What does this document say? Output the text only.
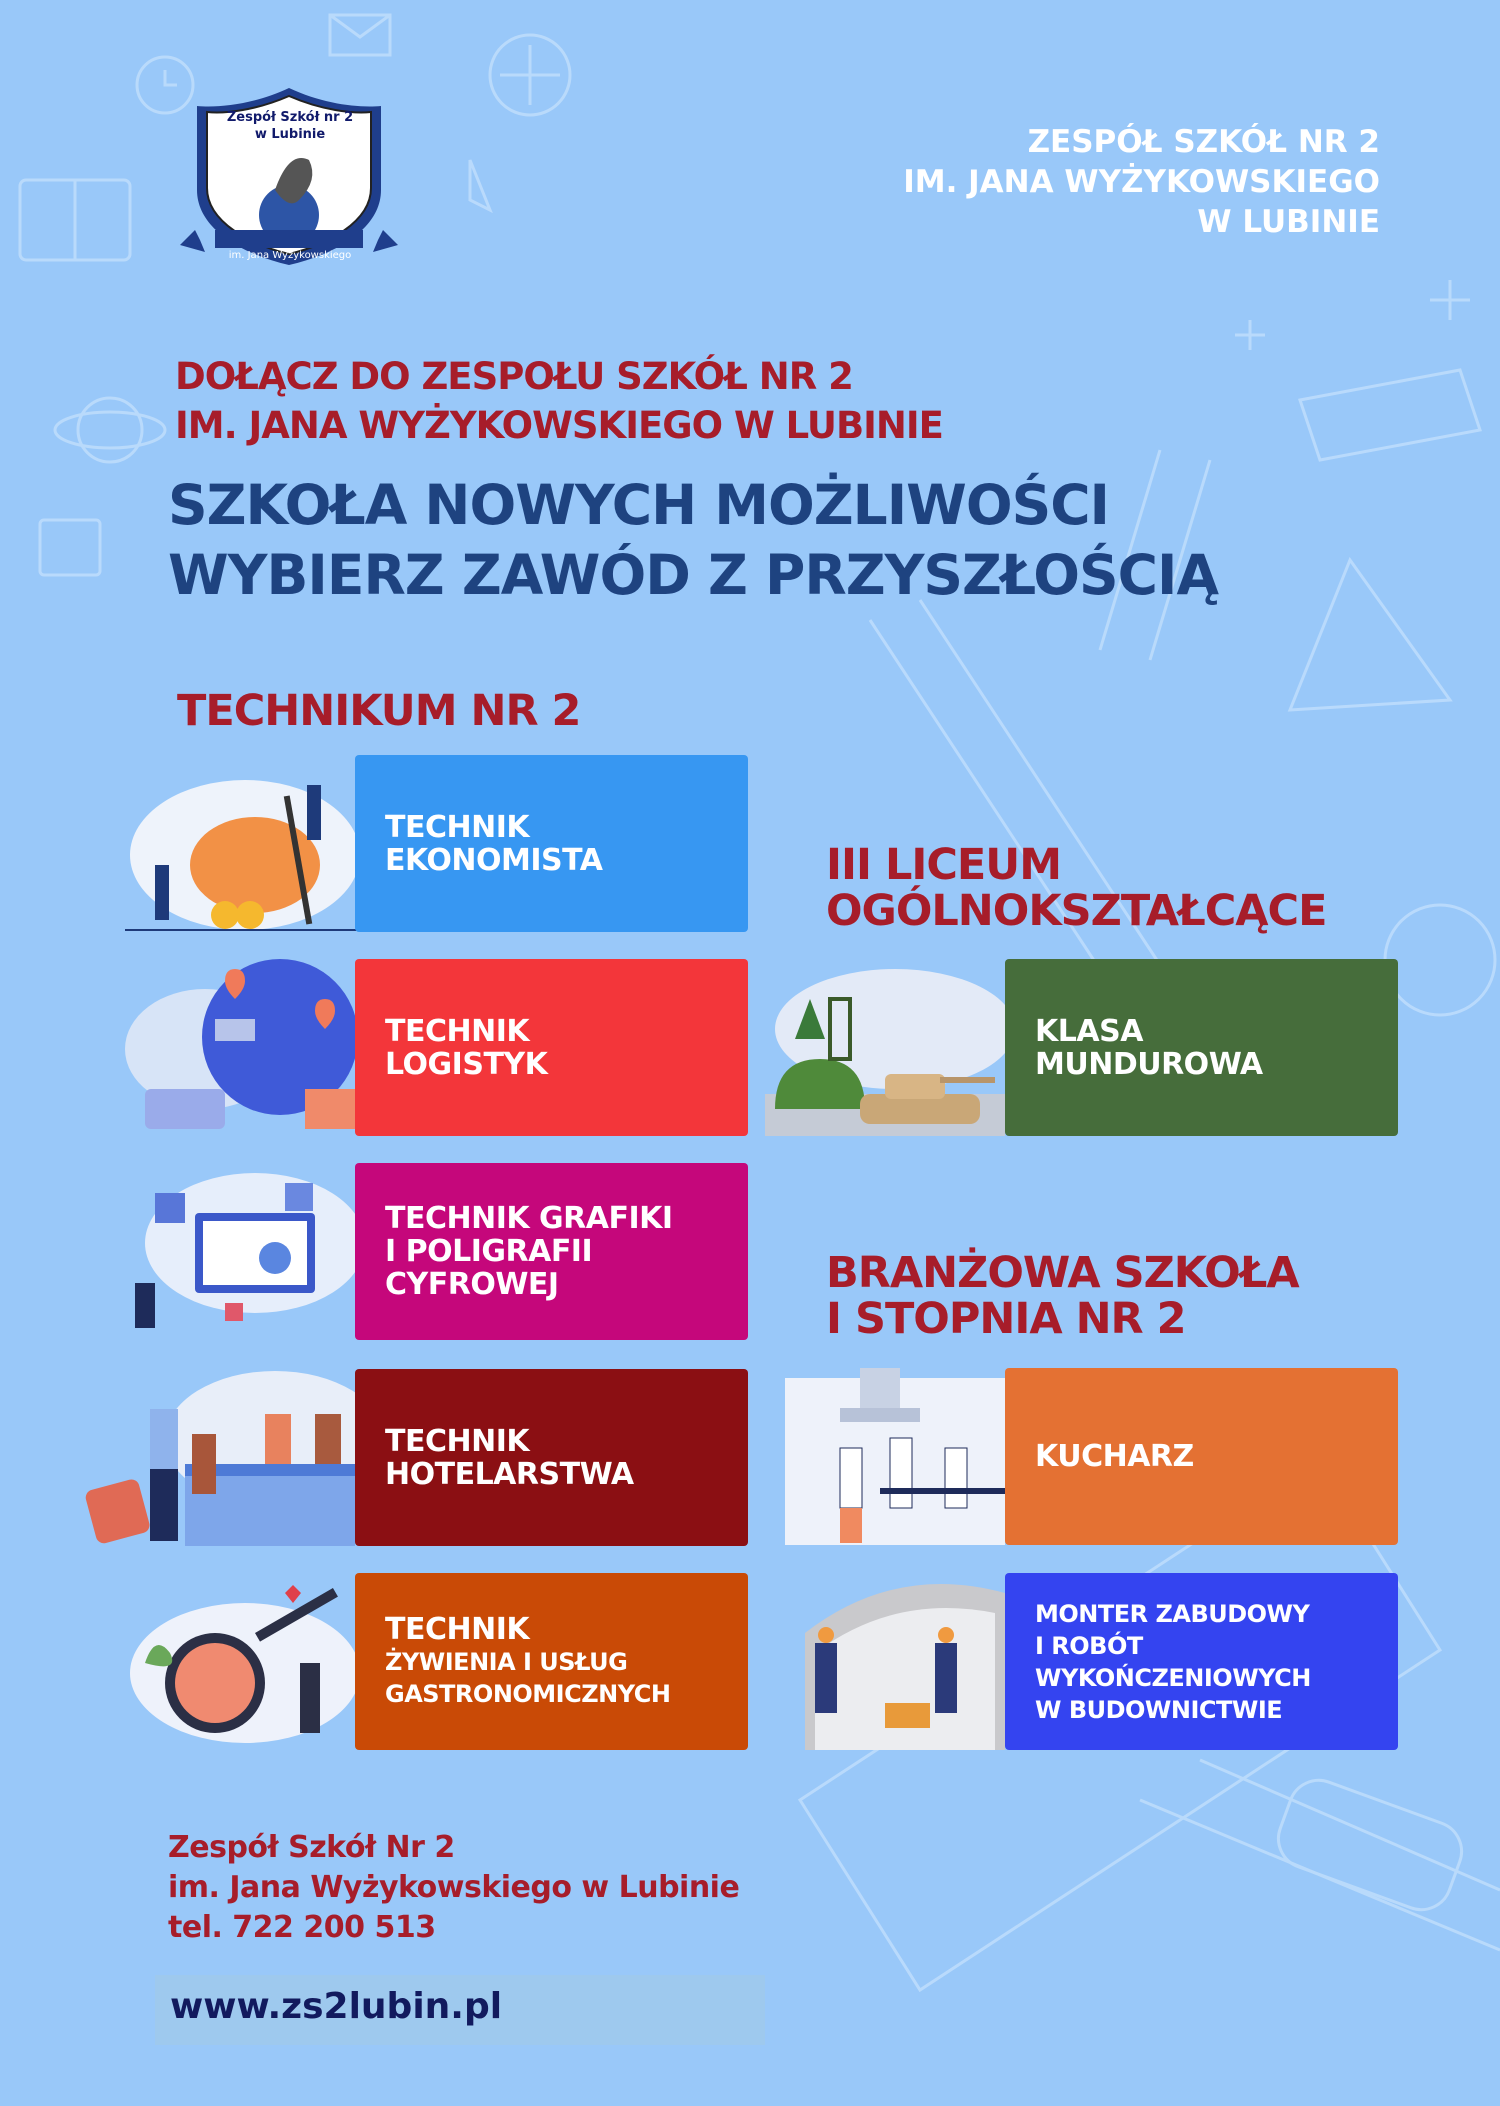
Zespół Szkół nr 2
w Lubinie
im. Jana Wyżykowskiego
ZESPÓŁ SZKÓŁ NR 2
IM. JANA WYŻYKOWSKIEGO
W LUBINIE
DOŁĄCZ DO ZESPOŁU SZKÓŁ NR 2
IM. JANA WYŻYKOWSKIEGO W LUBINIE
SZKOŁA NOWYCH MOŻLIWOŚCI
WYBIERZ ZAWÓD Z PRZYSZŁOŚCIĄ
TECHNIKUM NR 2
TECHNIK
EKONOMISTA
TECHNIK
LOGISTYK
TECHNIK GRAFIKI
I POLIGRAFII
CYFROWEJ
TECHNIK
HOTELARSTWA
TECHNIK
ŻYWIENIA I USŁUG
GASTRONOMICZNYCH
III LICEUM
OGÓLNOKSZTAŁCĄCE
KLASA
MUNDUROWA
BRANŻOWA SZKOŁA
I STOPNIA NR 2
KUCHARZ
MONTER ZABUDOWY
I ROBÓT
WYKOŃCZENIOWYCH
W BUDOWNICTWIE
Zespół Szkół Nr 2
im. Jana Wyżykowskiego w Lubinie
tel. 722 200 513
www.zs2lubin.pl
